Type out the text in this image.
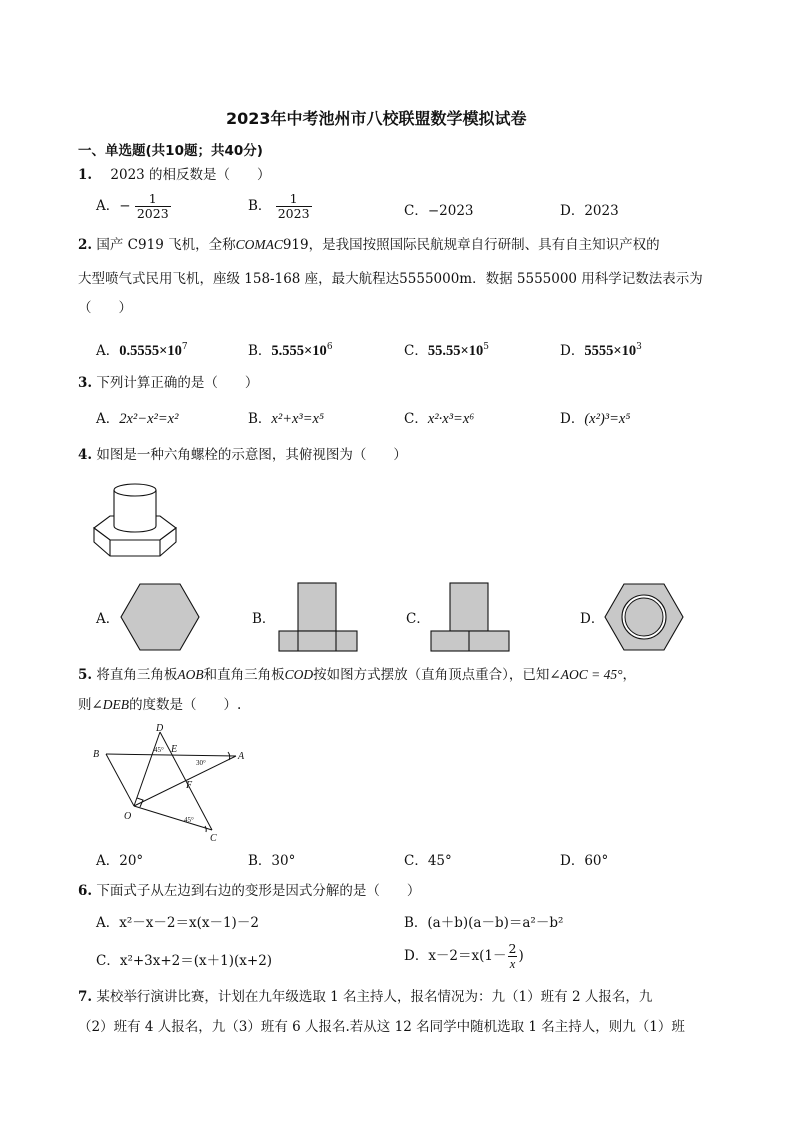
2023年中考池州市八校联盟数学模拟试卷
一、单选题(共10题；共40分)
1. 2023 的相反数是（　　）
A．− $\frac{1}{2023}$	B． $\frac{1}{2023}$	C．−2023	D．2023
2. 国产 C919 飞机，全称COMAC919，是我国按照国际民航规章自行研制、具有自主知识产权的
大型喷气式民用飞机，座级 158-168 座，最大航程达5555000m．数据 5555000 用科学记数法表示为
（　　）
A．$0.5555\times 10^7$	B．$5.555\times 10^6$	C．$55.55\times 10^5$	D．$5555\times 10^3$
3. 下列计算正确的是（　　）
A．2x²−x²=x²	B．x²+x³=x⁵	C．x²·x³=x⁶	D．(x²)³=x⁵
4. 如图是一种六角螺栓的示意图，其俯视图为（　　）
A．	B．	C．	D．
5. 将直角三角板AOB和直角三角板COD按如图方式摆放（直角顶点重合），已知∠AOC = 45°，
则∠DEB的度数是（　　）.
B
D
E
A
F
O
C
45°
30°
45°
A．20°	B．30°	C．45°	D．60°
6. 下面式子从左边到右边的变形是因式分解的是（　　）
A．x²－x－2＝x(x－1)－2	B．(a＋b)(a－b)＝a²－b²
C．x²+3x+2＝(x＋1)(x+2)	D．$x-2=x(1- \frac{2}{x}$ )
7. 某校举行演讲比赛，计划在九年级选取 1 名主持人，报名情况为：九（1）班有 2 人报名，九
（2）班有 4 人报名，九（3）班有 6 人报名.若从这 12 名同学中随机选取 1 名主持人，则九（1）班
